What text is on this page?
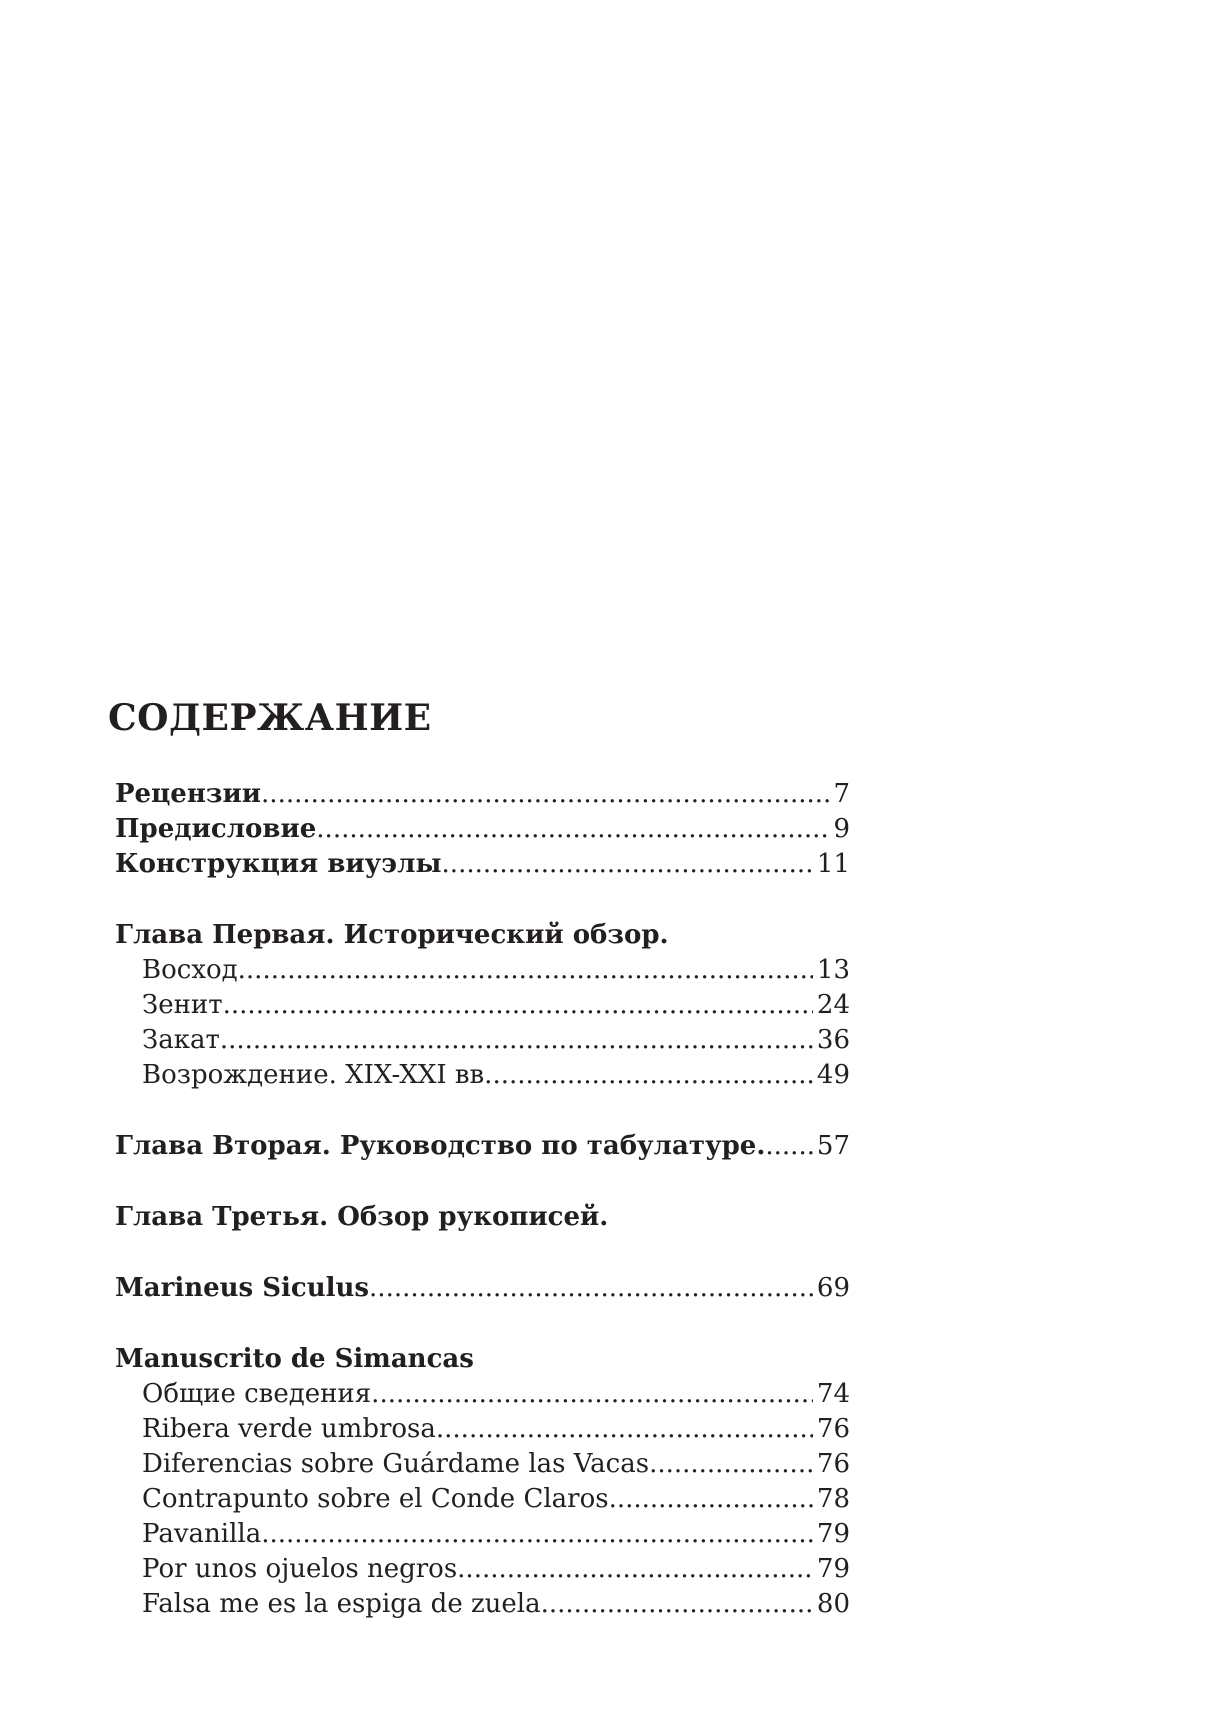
СОДЕРЖАНИЕ
Рецензии .....	7
Предисловие .....	9
Конструкция виуэлы .....	11
Глава Первая. Исторический обзор.
Восход .....	13
Зенит .....	24
Закат .....	36
Возрождение. XIX-XXI вв. .....	49
Глава Вторая. Руководство по табулатуре. ..... 57
Глава Третья. Обзор рукописей.
Marineus Siculus .....	69
Manuscrito de Simancas
Общие сведения. .....	74
Ribera verde umbrosa .....	76
Diferencias sobre Guárdame las Vacas .....	76
Contrapunto sobre el Conde Claros .....	78
Pavanilla .....	79
Por unos ojuelos negros .....	79
Falsa me es la espiga de zuela .....	80
